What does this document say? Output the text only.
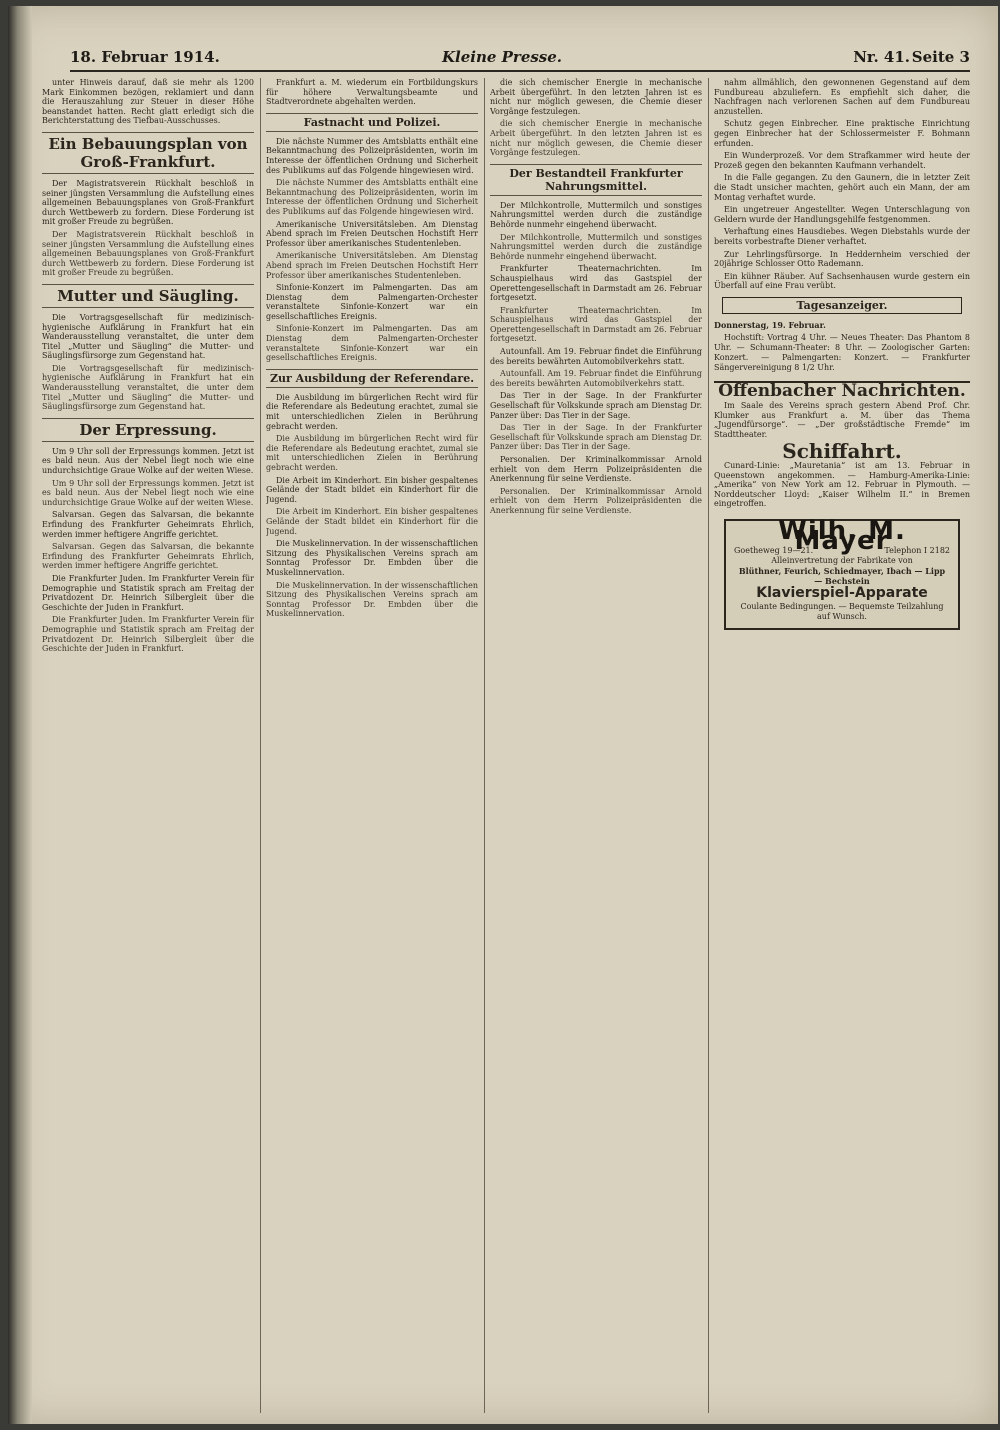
18. Februar 1914.	Kleine Presse.	Nr. 41. Seite 3

unter Hinweis darauf, daß sie mehr als 1200 Mark Einkommen bezögen, reklamiert und dann die Herauszahlung zur Steuer in dieser Höhe beanstandet hatten. Recht glatt erledigt sich die Berichterstattung des Tiefbau-Ausschusses.

Ein Bebauungsplan von Groß-Frankfurt.

Der Magistratsverein Rückhalt beschloß in seiner jüngsten Versammlung die Aufstellung eines allgemeinen Bebauungsplanes von Groß-Frankfurt durch Wettbewerb zu fordern. Diese Forderung ist mit großer Freude zu begrüßen.

Der Magistratsverein Rückhalt beschloß in seiner jüngsten Versammlung die Aufstellung eines allgemeinen Bebauungsplanes von Groß-Frankfurt durch Wettbewerb zu fordern. Diese Forderung ist mit großer Freude zu begrüßen.

Mutter und Säugling.

Die Vortragsgesellschaft für medizinisch-hygienische Aufklärung in Frankfurt hat ein Wanderausstellung veranstaltet, die unter dem Titel „Mutter und Säugling“ die Mutter- und Säuglingsfürsorge zum Gegenstand hat.

Die Vortragsgesellschaft für medizinisch-hygienische Aufklärung in Frankfurt hat ein Wanderausstellung veranstaltet, die unter dem Titel „Mutter und Säugling“ die Mutter- und Säuglingsfürsorge zum Gegenstand hat.

Der Erpressung.

Um 9 Uhr soll der Erpressungs kommen. Jetzt ist es bald neun. Aus der Nebel liegt noch wie eine undurchsichtige Graue Wolke auf der weiten Wiese.

Um 9 Uhr soll der Erpressungs kommen. Jetzt ist es bald neun. Aus der Nebel liegt noch wie eine undurchsichtige Graue Wolke auf der weiten Wiese.

Salvarsan. Gegen das Salvarsan, die bekannte Erfindung des Frankfurter Geheimrats Ehrlich, werden immer heftigere Angriffe gerichtet.

Salvarsan. Gegen das Salvarsan, die bekannte Erfindung des Frankfurter Geheimrats Ehrlich, werden immer heftigere Angriffe gerichtet.

Die Frankfurter Juden. Im Frankfurter Verein für Demographie und Statistik sprach am Freitag der Privatdozent Dr. Heinrich Silbergleit über die Geschichte der Juden in Frankfurt.

Die Frankfurter Juden. Im Frankfurter Verein für Demographie und Statistik sprach am Freitag der Privatdozent Dr. Heinrich Silbergleit über die Geschichte der Juden in Frankfurt.

Frankfurt a. M. wiederum ein Fortbildungskurs für höhere Verwaltungsbeamte und Stadtverordnete abgehalten werden.

Fastnacht und Polizei.

Die nächste Nummer des Amtsblatts enthält eine Bekanntmachung des Polizeipräsidenten, worin im Interesse der öffentlichen Ordnung und Sicherheit des Publikums auf das Folgende hingewiesen wird.

Die nächste Nummer des Amtsblatts enthält eine Bekanntmachung des Polizeipräsidenten, worin im Interesse der öffentlichen Ordnung und Sicherheit des Publikums auf das Folgende hingewiesen wird.

Amerikanische Universitätsleben. Am Dienstag Abend sprach im Freien Deutschen Hochstift Herr Professor über amerikanisches Studentenleben.

Amerikanische Universitätsleben. Am Dienstag Abend sprach im Freien Deutschen Hochstift Herr Professor über amerikanisches Studentenleben.

Sinfonie-Konzert im Palmengarten. Das am Dienstag dem Palmengarten-Orchester veranstaltete Sinfonie-Konzert war ein gesellschaftliches Ereignis.

Sinfonie-Konzert im Palmengarten. Das am Dienstag dem Palmengarten-Orchester veranstaltete Sinfonie-Konzert war ein gesellschaftliches Ereignis.

Zur Ausbildung der Referendare.

Die Ausbildung im bürgerlichen Recht wird für die Referendare als Bedeutung erachtet, zumal sie mit unterschiedlichen Zielen in Berührung gebracht werden.

Die Ausbildung im bürgerlichen Recht wird für die Referendare als Bedeutung erachtet, zumal sie mit unterschiedlichen Zielen in Berührung gebracht werden.

Die Arbeit im Kinderhort. Ein bisher gespaltenes Gelände der Stadt bildet ein Kinderhort für die Jugend.

Die Arbeit im Kinderhort. Ein bisher gespaltenes Gelände der Stadt bildet ein Kinderhort für die Jugend.

Die Muskelinnervation. In der wissenschaftlichen Sitzung des Physikalischen Vereins sprach am Sonntag Professor Dr. Embden über die Muskelinnervation.

Die Muskelinnervation. In der wissenschaftlichen Sitzung des Physikalischen Vereins sprach am Sonntag Professor Dr. Embden über die Muskelinnervation.

die sich chemischer Energie in mechanische Arbeit übergeführt. In den letzten Jahren ist es nicht nur möglich gewesen, die Chemie dieser Vorgänge festzulegen.

die sich chemischer Energie in mechanische Arbeit übergeführt. In den letzten Jahren ist es nicht nur möglich gewesen, die Chemie dieser Vorgänge festzulegen.

Der Bestandteil Frankfurter Nahrungsmittel.

Der Milchkontrolle, Muttermilch und sonstiges Nahrungsmittel werden durch die zuständige Behörde nunmehr eingehend überwacht.

Der Milchkontrolle, Muttermilch und sonstiges Nahrungsmittel werden durch die zuständige Behörde nunmehr eingehend überwacht.

Frankfurter Theaternachrichten. Im Schauspielhaus wird das Gastspiel der Operettengesellschaft in Darmstadt am 26. Februar fortgesetzt.

Frankfurter Theaternachrichten. Im Schauspielhaus wird das Gastspiel der Operettengesellschaft in Darmstadt am 26. Februar fortgesetzt.

Autounfall. Am 19. Februar findet die Einführung des bereits bewährten Automobilverkehrs statt.

Autounfall. Am 19. Februar findet die Einführung des bereits bewährten Automobilverkehrs statt.

Das Tier in der Sage. In der Frankfurter Gesellschaft für Volkskunde sprach am Dienstag Dr. Panzer über: Das Tier in der Sage.

Das Tier in der Sage. In der Frankfurter Gesellschaft für Volkskunde sprach am Dienstag Dr. Panzer über: Das Tier in der Sage.

Personalien. Der Kriminalkommissar Arnold erhielt von dem Herrn Polizeipräsidenten die Anerkennung für seine Verdienste.

Personalien. Der Kriminalkommissar Arnold erhielt von dem Herrn Polizeipräsidenten die Anerkennung für seine Verdienste.

nahm allmählich, den gewonnenen Gegenstand auf dem Fundbureau abzuliefern. Es empfiehlt sich daher, die Nachfragen nach verlorenen Sachen auf dem Fundbureau anzustellen.

Schutz gegen Einbrecher. Eine praktische Einrichtung gegen Einbrecher hat der Schlossermeister F. Bohmann erfunden.

Ein Wunderprozeß. Vor dem Strafkammer wird heute der Prozeß gegen den bekannten Kaufmann verhandelt.

In die Falle gegangen. Zu den Gaunern, die in letzter Zeit die Stadt unsicher machten, gehört auch ein Mann, der am Montag verhaftet wurde.

Ein ungetreuer Angestellter. Wegen Unterschlagung von Geldern wurde der Handlungsgehilfe festgenommen.

Verhaftung eines Hausdiebes. Wegen Diebstahls wurde der bereits vorbestrafte Diener verhaftet.

Zur Lehrlingsfürsorge. In Heddernheim verschied der 20jährige Schlosser Otto Rademann.

Ein kühner Räuber. Auf Sachsenhausen wurde gestern ein Überfall auf eine Frau verübt.

Tagesanzeiger.

Donnerstag, 19. Februar.

Hochstift: Vortrag 4 Uhr. — Neues Theater: Das Phantom 8 Uhr. — Schumann-Theater: 8 Uhr. — Zoologischer Garten: Konzert. — Palmengarten: Konzert. — Frankfurter Sängervereinigung 8 1/2 Uhr.

Offenbacher Nachrichten.

Im Saale des Vereins sprach gestern Abend Prof. Chr. Klumker aus Frankfurt a. M. über das Thema „Jugendfürsorge“. — „Der großstädtische Fremde“ im Stadttheater.

Schiffahrt.

Cunard-Linie: „Mauretania“ ist am 13. Februar in Queenstown angekommen. — Hamburg-Amerika-Linie: „Amerika“ von New York am 12. Februar in Plymouth. — Norddeutscher Lloyd: „Kaiser Wilhelm II.“ in Bremen eingetroffen.

Wilh. M. Mayer
Goetheweg 19—21.	Telephon I 2182
Alleinvertretung der Fabrikate von
Blüthner, Feurich, Schiedmayer, Ibach — Lipp — Bechstein
Klavierspiel-Apparate
Coulante Bedingungen. — Bequemste Teilzahlung auf Wunsch.
